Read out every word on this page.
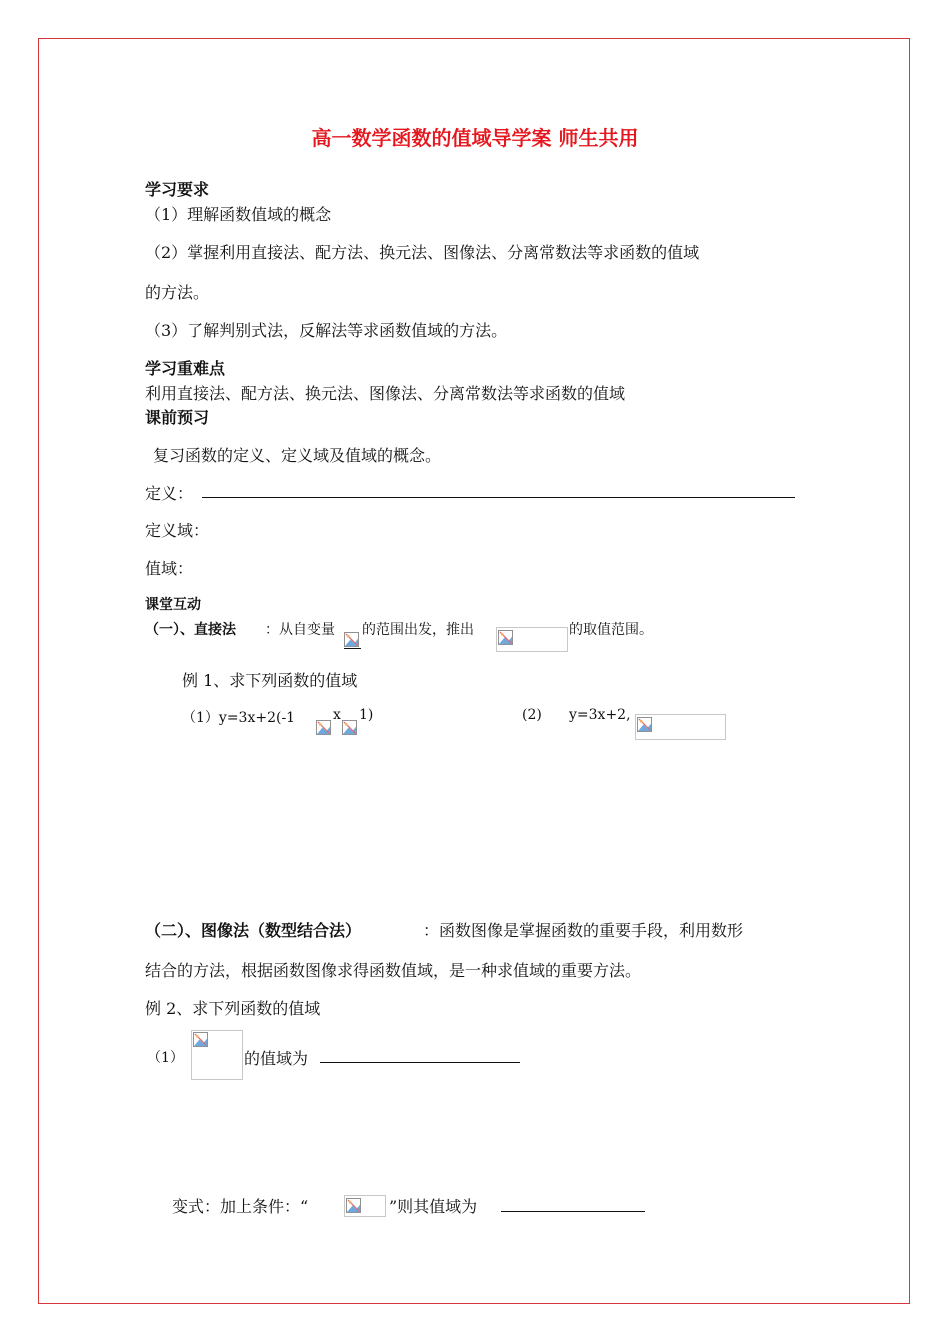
高一数学函数的值域导学案 师生共用
学习要求
（1）理解函数值域的概念
（2）掌握利用直接法、配方法、换元法、图像法、分离常数法等求函数的值域
的方法。
（3）了解判别式法，反解法等求函数值域的方法。
学习重难点
利用直接法、配方法、换元法、图像法、分离常数法等求函数的值域
课前预习
复习函数的定义、定义域及值域的概念。
定义：
定义域：
值域：
课堂互动
（一）、直接法 ：从自变量 的范围出发，推出	的取值范围。
例 1、求下列函数的值域
（1）y=3x+2(-1	x 1)	(2) y=3x+2,
（二）、图像法（数型结合法）	：函数图像是掌握函数的重要手段，利用数形
结合的方法，根据函数图像求得函数值域，是一种求值域的重要方法。
例 2、求下列函数的值域
（1）	的值域为
变式：加上条件：“	”则其值域为
